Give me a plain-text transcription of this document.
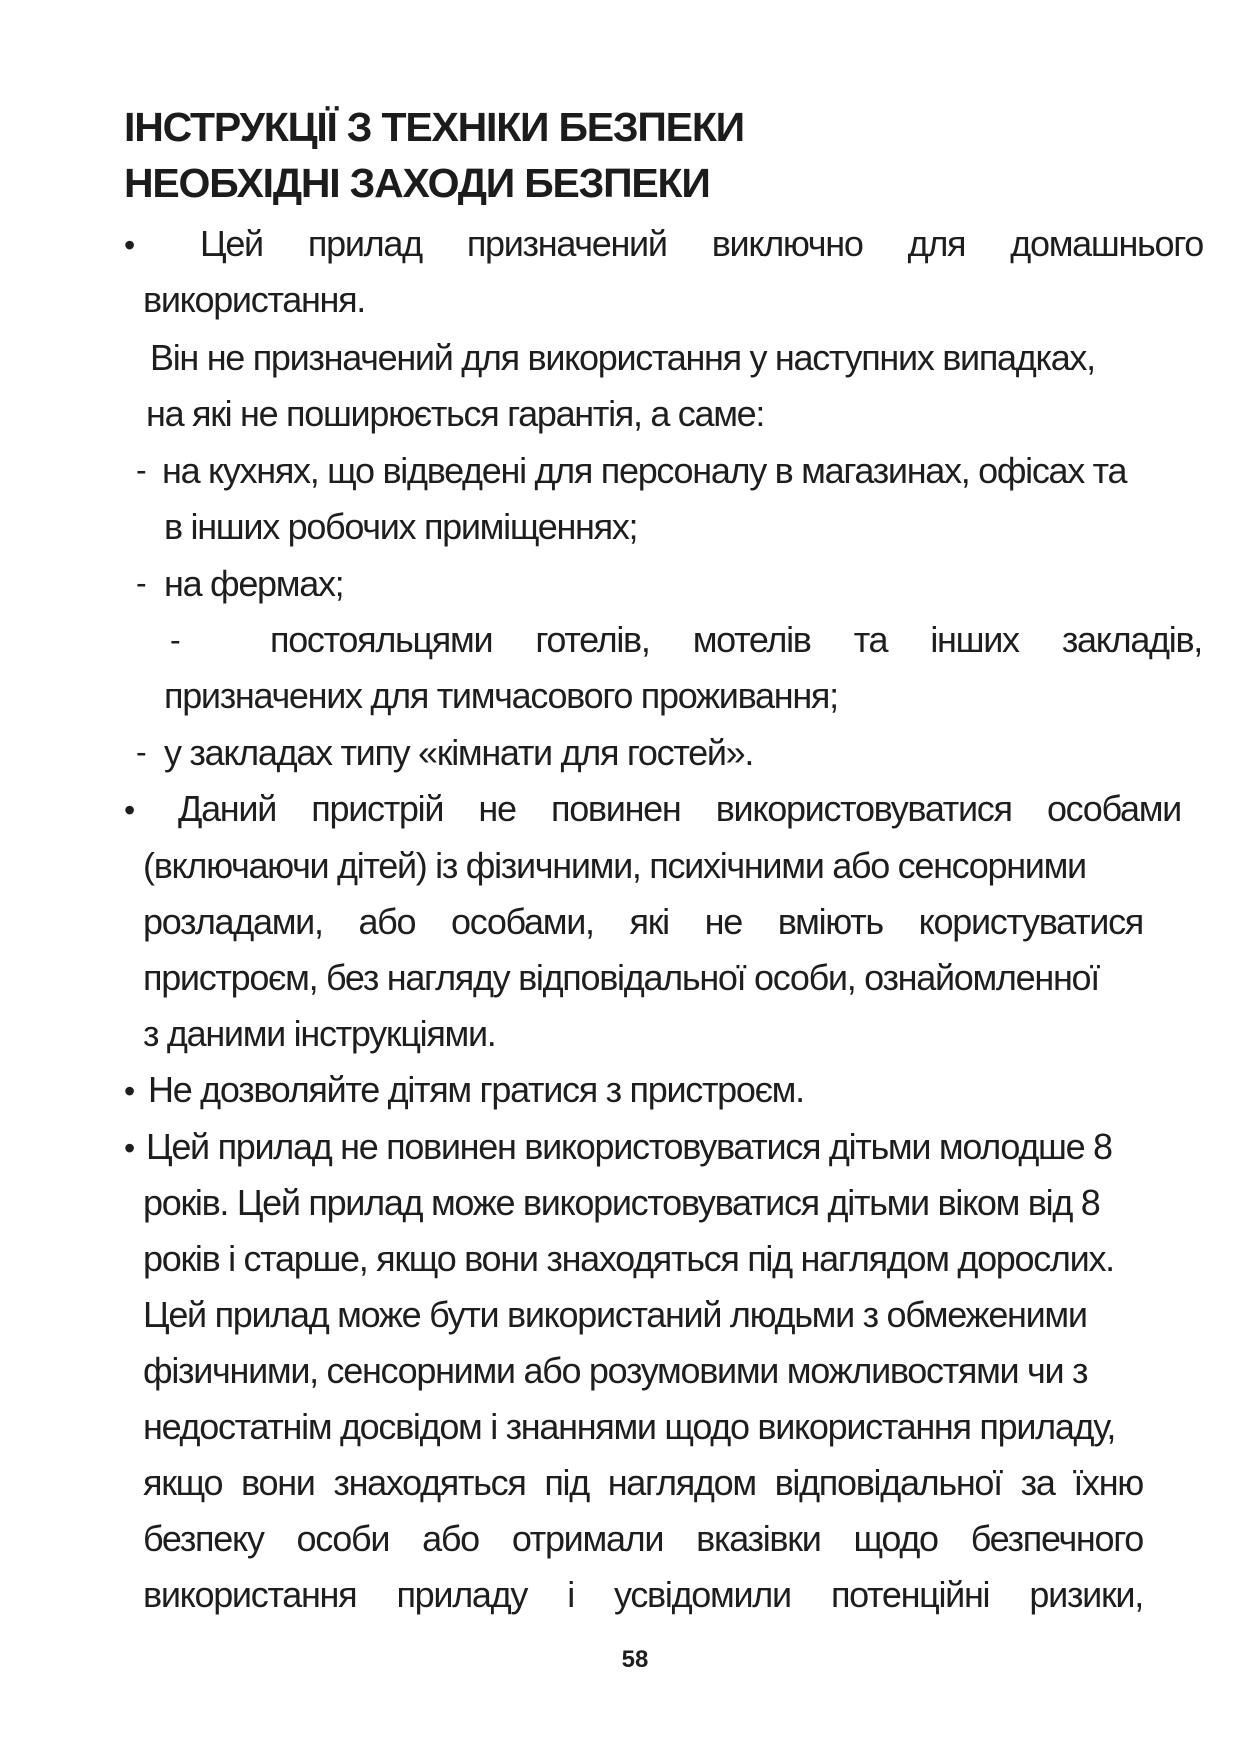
ІНСТРУКЦІЇ З ТЕХНІКИ БЕЗПЕКИ
НЕОБХІДНІ ЗАХОДИ БЕЗПЕКИ
• Цей прилад призначений виключно для домашнього
використання.
Він не призначений для використання у наступних випадках,
на які не поширюється гарантія, а саме:
- на кухнях, що відведені для персоналу в магазинах, офісах та
в інших робочих приміщеннях;
- на фермах;
- постояльцями готелів, мотелів та інших закладів,
призначених для тимчасового проживання;
- у закладах типу «кімнати для гостей».
• Даний пристрій не повинен використовуватися особами
(включаючи дітей) із фізичними, психічними або сенсорними
розладами, або особами, які не вміють користуватися
пристроєм, без нагляду відповідальної особи, ознайомленної
з даними інструкціями.
• Не дозволяйте дітям гратися з пристроєм.
• Цей прилад не повинен використовуватися дітьми молодше 8
років. Цей прилад може використовуватися дітьми віком від 8
років і старше, якщо вони знаходяться під наглядом дорослих.
Цей прилад може бути використаний людьми з обмеженими
фізичними, сенсорними або розумовими можливостями чи з
недостатнім досвідом і знаннями щодо використання приладу,
якщо вони знаходяться під наглядом відповідальної за їхню
безпеку особи або отримали вказівки щодо безпечного
використання приладу і усвідомили потенційні ризики,
58
